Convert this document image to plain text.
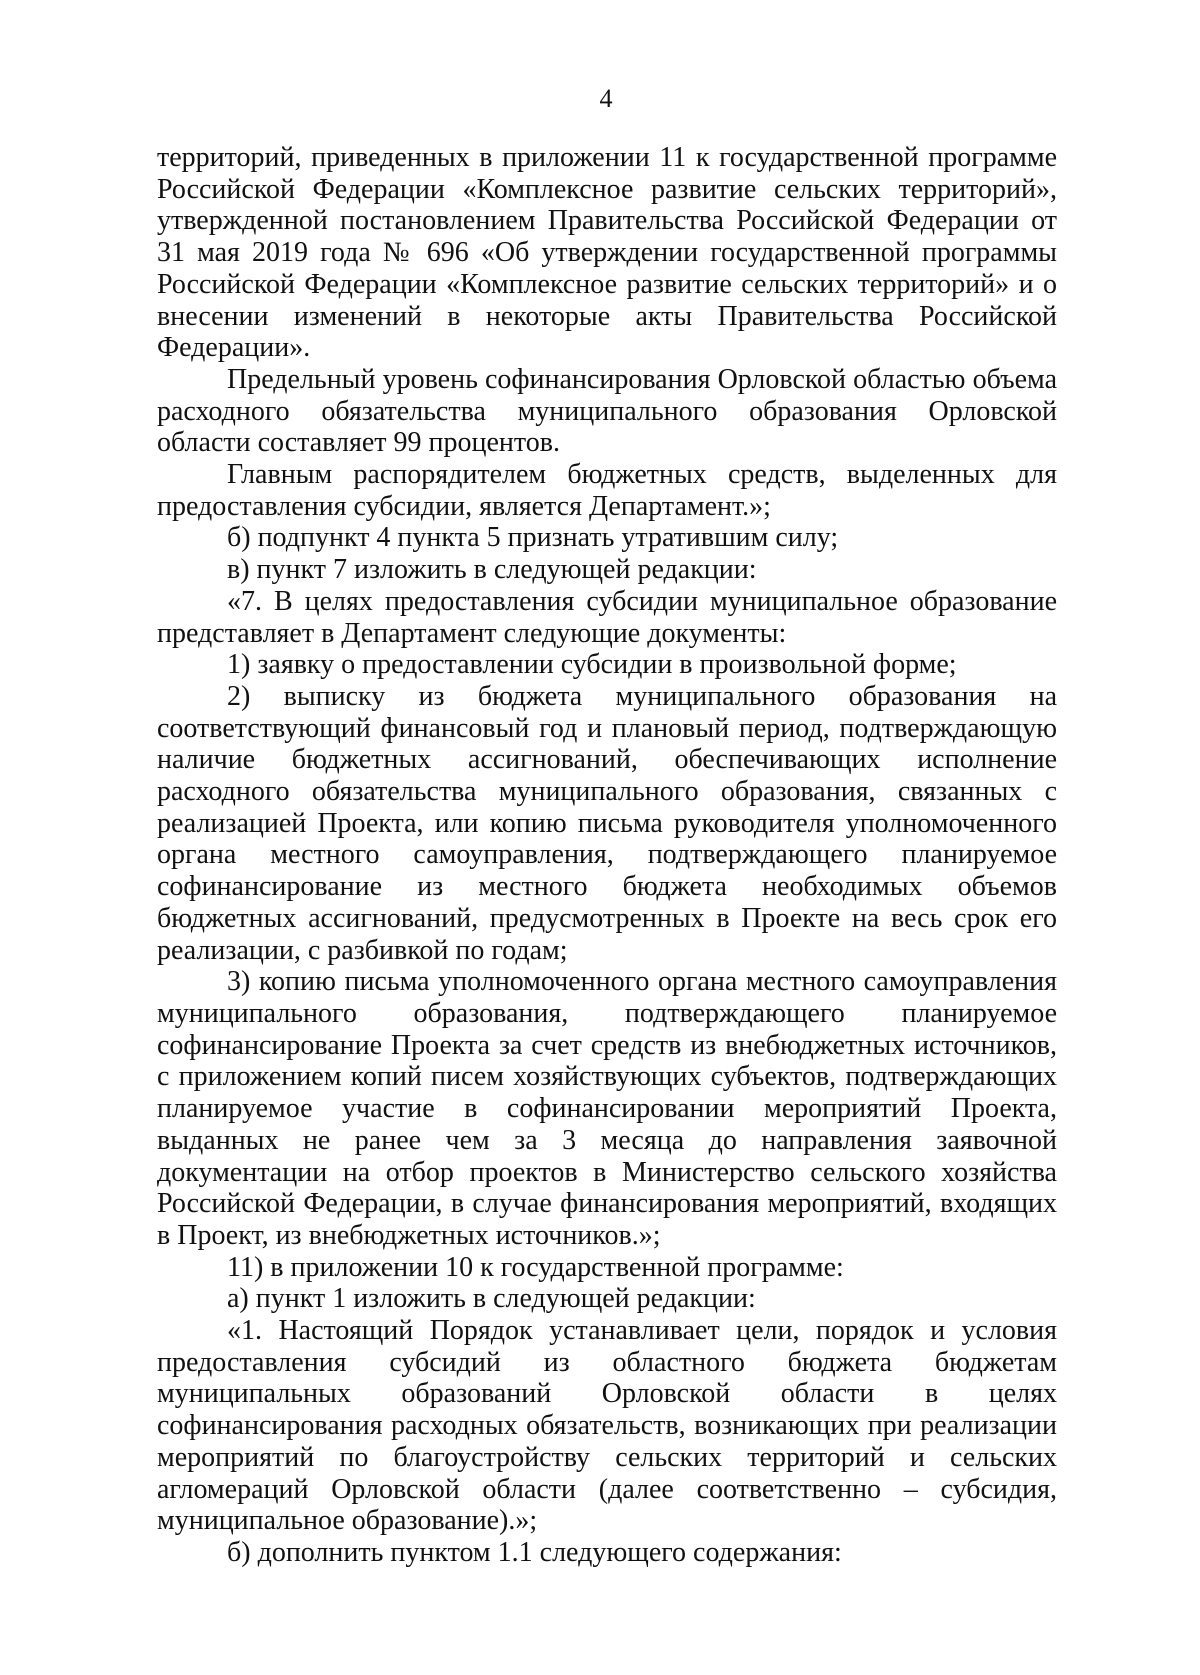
4

территорий, приведенных в приложении 11 к государственной программе Российской Федерации «Комплексное развитие сельских территорий», утвержденной постановлением Правительства Российской Федерации от 31 мая 2019 года № 696 «Об утверждении государственной программы Российской Федерации «Комплексное развитие сельских территорий» и о внесении изменений в некоторые акты Правительства Российской Федерации».

Предельный уровень софинансирования Орловской областью объема расходного обязательства муниципального образования Орловской области составляет 99 процентов.

Главным распорядителем бюджетных средств, выделенных для предоставления субсидии, является Департамент.»;

б) подпункт 4 пункта 5 признать утратившим силу;

в) пункт 7 изложить в следующей редакции:

«7. В целях предоставления субсидии муниципальное образование представляет в Департамент следующие документы:

1) заявку о предоставлении субсидии в произвольной форме;

2) выписку из бюджета муниципального образования на соответствующий финансовый год и плановый период, подтверждающую наличие бюджетных ассигнований, обеспечивающих исполнение расходного обязательства муниципального образования, связанных с реализацией Проекта, или копию письма руководителя уполномоченного органа местного самоуправления, подтверждающего планируемое софинансирование из местного бюджета необходимых объемов бюджетных ассигнований, предусмотренных в Проекте на весь срок его реализации, с разбивкой по годам;

3) копию письма уполномоченного органа местного самоуправления муниципального образования, подтверждающего планируемое софинансирование Проекта за счет средств из внебюджетных источников, с приложением копий писем хозяйствующих субъектов, подтверждающих планируемое участие в софинансировании мероприятий Проекта, выданных не ранее чем за 3 месяца до направления заявочной документации на отбор проектов в Министерство сельского хозяйства Российской Федерации, в случае финансирования мероприятий, входящих в Проект, из внебюджетных источников.»;

11) в приложении 10 к государственной программе:

а) пункт 1 изложить в следующей редакции:

«1. Настоящий Порядок устанавливает цели, порядок и условия предоставления субсидий из областного бюджета бюджетам муниципальных образований Орловской области в целях софинансирования расходных обязательств, возникающих при реализации мероприятий по благоустройству сельских территорий и сельских агломераций Орловской области (далее соответственно – субсидия, муниципальное образование).»;

б) дополнить пунктом 1.1 следующего содержания:
